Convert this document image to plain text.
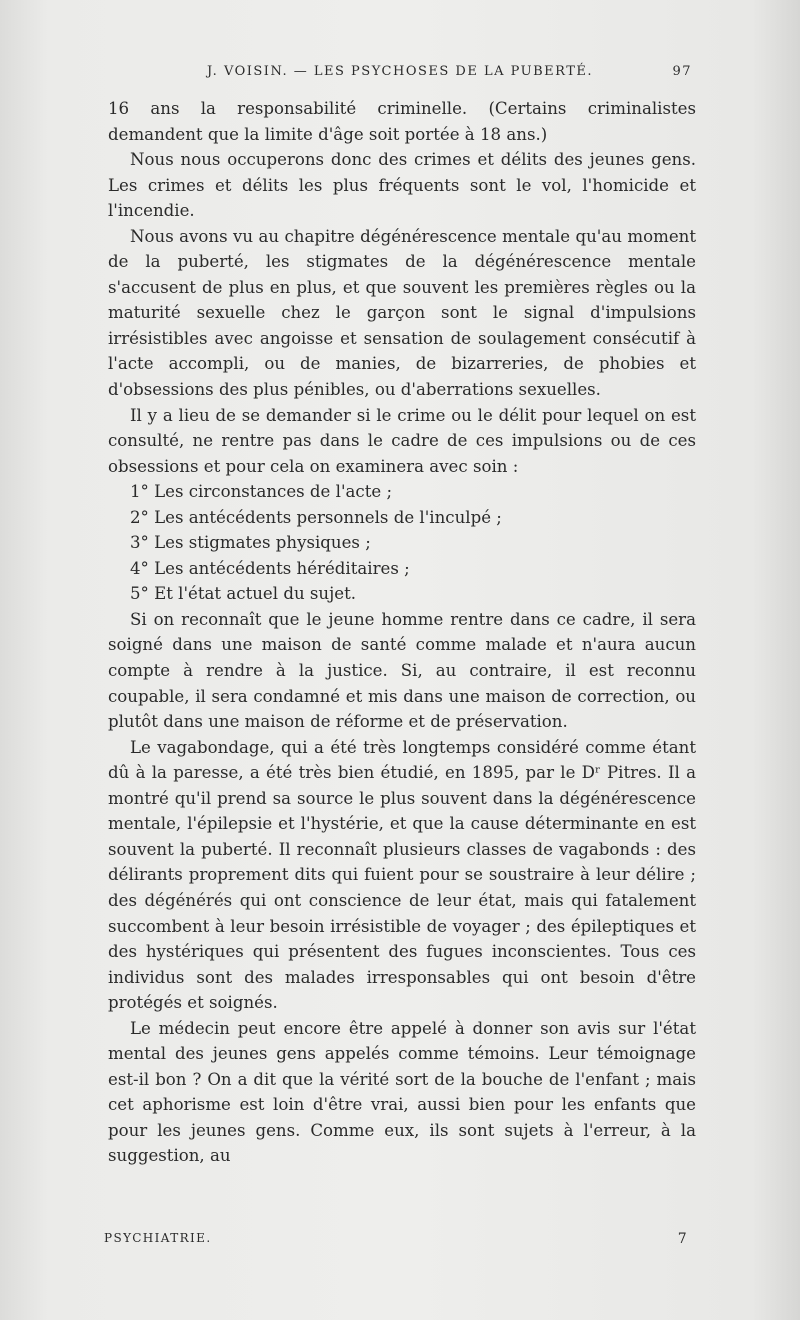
J. VOISIN. — LES PSYCHOSES DE LA PUBERTÉ.	97

16 ans la responsabilité criminelle. (Certains criminalistes demandent que la limite d'âge soit portée à 18 ans.)

Nous nous occuperons donc des crimes et délits des jeunes gens. Les crimes et délits les plus fréquents sont le vol, l'homicide et l'incendie.

Nous avons vu au chapitre dégénérescence mentale qu'au moment de la puberté, les stigmates de la dégénérescence mentale s'accusent de plus en plus, et que souvent les premières règles ou la maturité sexuelle chez le garçon sont le signal d'impulsions irrésistibles avec angoisse et sensation de soulagement consécutif à l'acte accompli, ou de manies, de bizarreries, de phobies et d'obsessions des plus pénibles, ou d'aberrations sexuelles.

Il y a lieu de se demander si le crime ou le délit pour lequel on est consulté, ne rentre pas dans le cadre de ces impulsions ou de ces obsessions et pour cela on examinera avec soin :

1° Les circonstances de l'acte ;

2° Les antécédents personnels de l'inculpé ;

3° Les stigmates physiques ;

4° Les antécédents héréditaires ;

5° Et l'état actuel du sujet.

Si on reconnaît que le jeune homme rentre dans ce cadre, il sera soigné dans une maison de santé comme malade et n'aura aucun compte à rendre à la justice. Si, au contraire, il est reconnu coupable, il sera condamné et mis dans une maison de correction, ou plutôt dans une maison de réforme et de préservation.

Le vagabondage, qui a été très longtemps considéré comme étant dû à la paresse, a été très bien étudié, en 1895, par le Dʳ Pitres. Il a montré qu'il prend sa source le plus souvent dans la dégénérescence mentale, l'épilepsie et l'hystérie, et que la cause déterminante en est souvent la puberté. Il reconnaît plusieurs classes de vagabonds : des délirants proprement dits qui fuient pour se soustraire à leur délire ; des dégénérés qui ont conscience de leur état, mais qui fatalement succombent à leur besoin irrésistible de voyager ; des épileptiques et des hystériques qui présentent des fugues inconscientes. Tous ces individus sont des malades irresponsables qui ont besoin d'être protégés et soignés.

Le médecin peut encore être appelé à donner son avis sur l'état mental des jeunes gens appelés comme témoins. Leur témoignage est-il bon ? On a dit que la vérité sort de la bouche de l'enfant ; mais cet aphorisme est loin d'être vrai, aussi bien pour les enfants que pour les jeunes gens. Comme eux, ils sont sujets à l'erreur, à la suggestion, au

PSYCHIATRIE.	7
